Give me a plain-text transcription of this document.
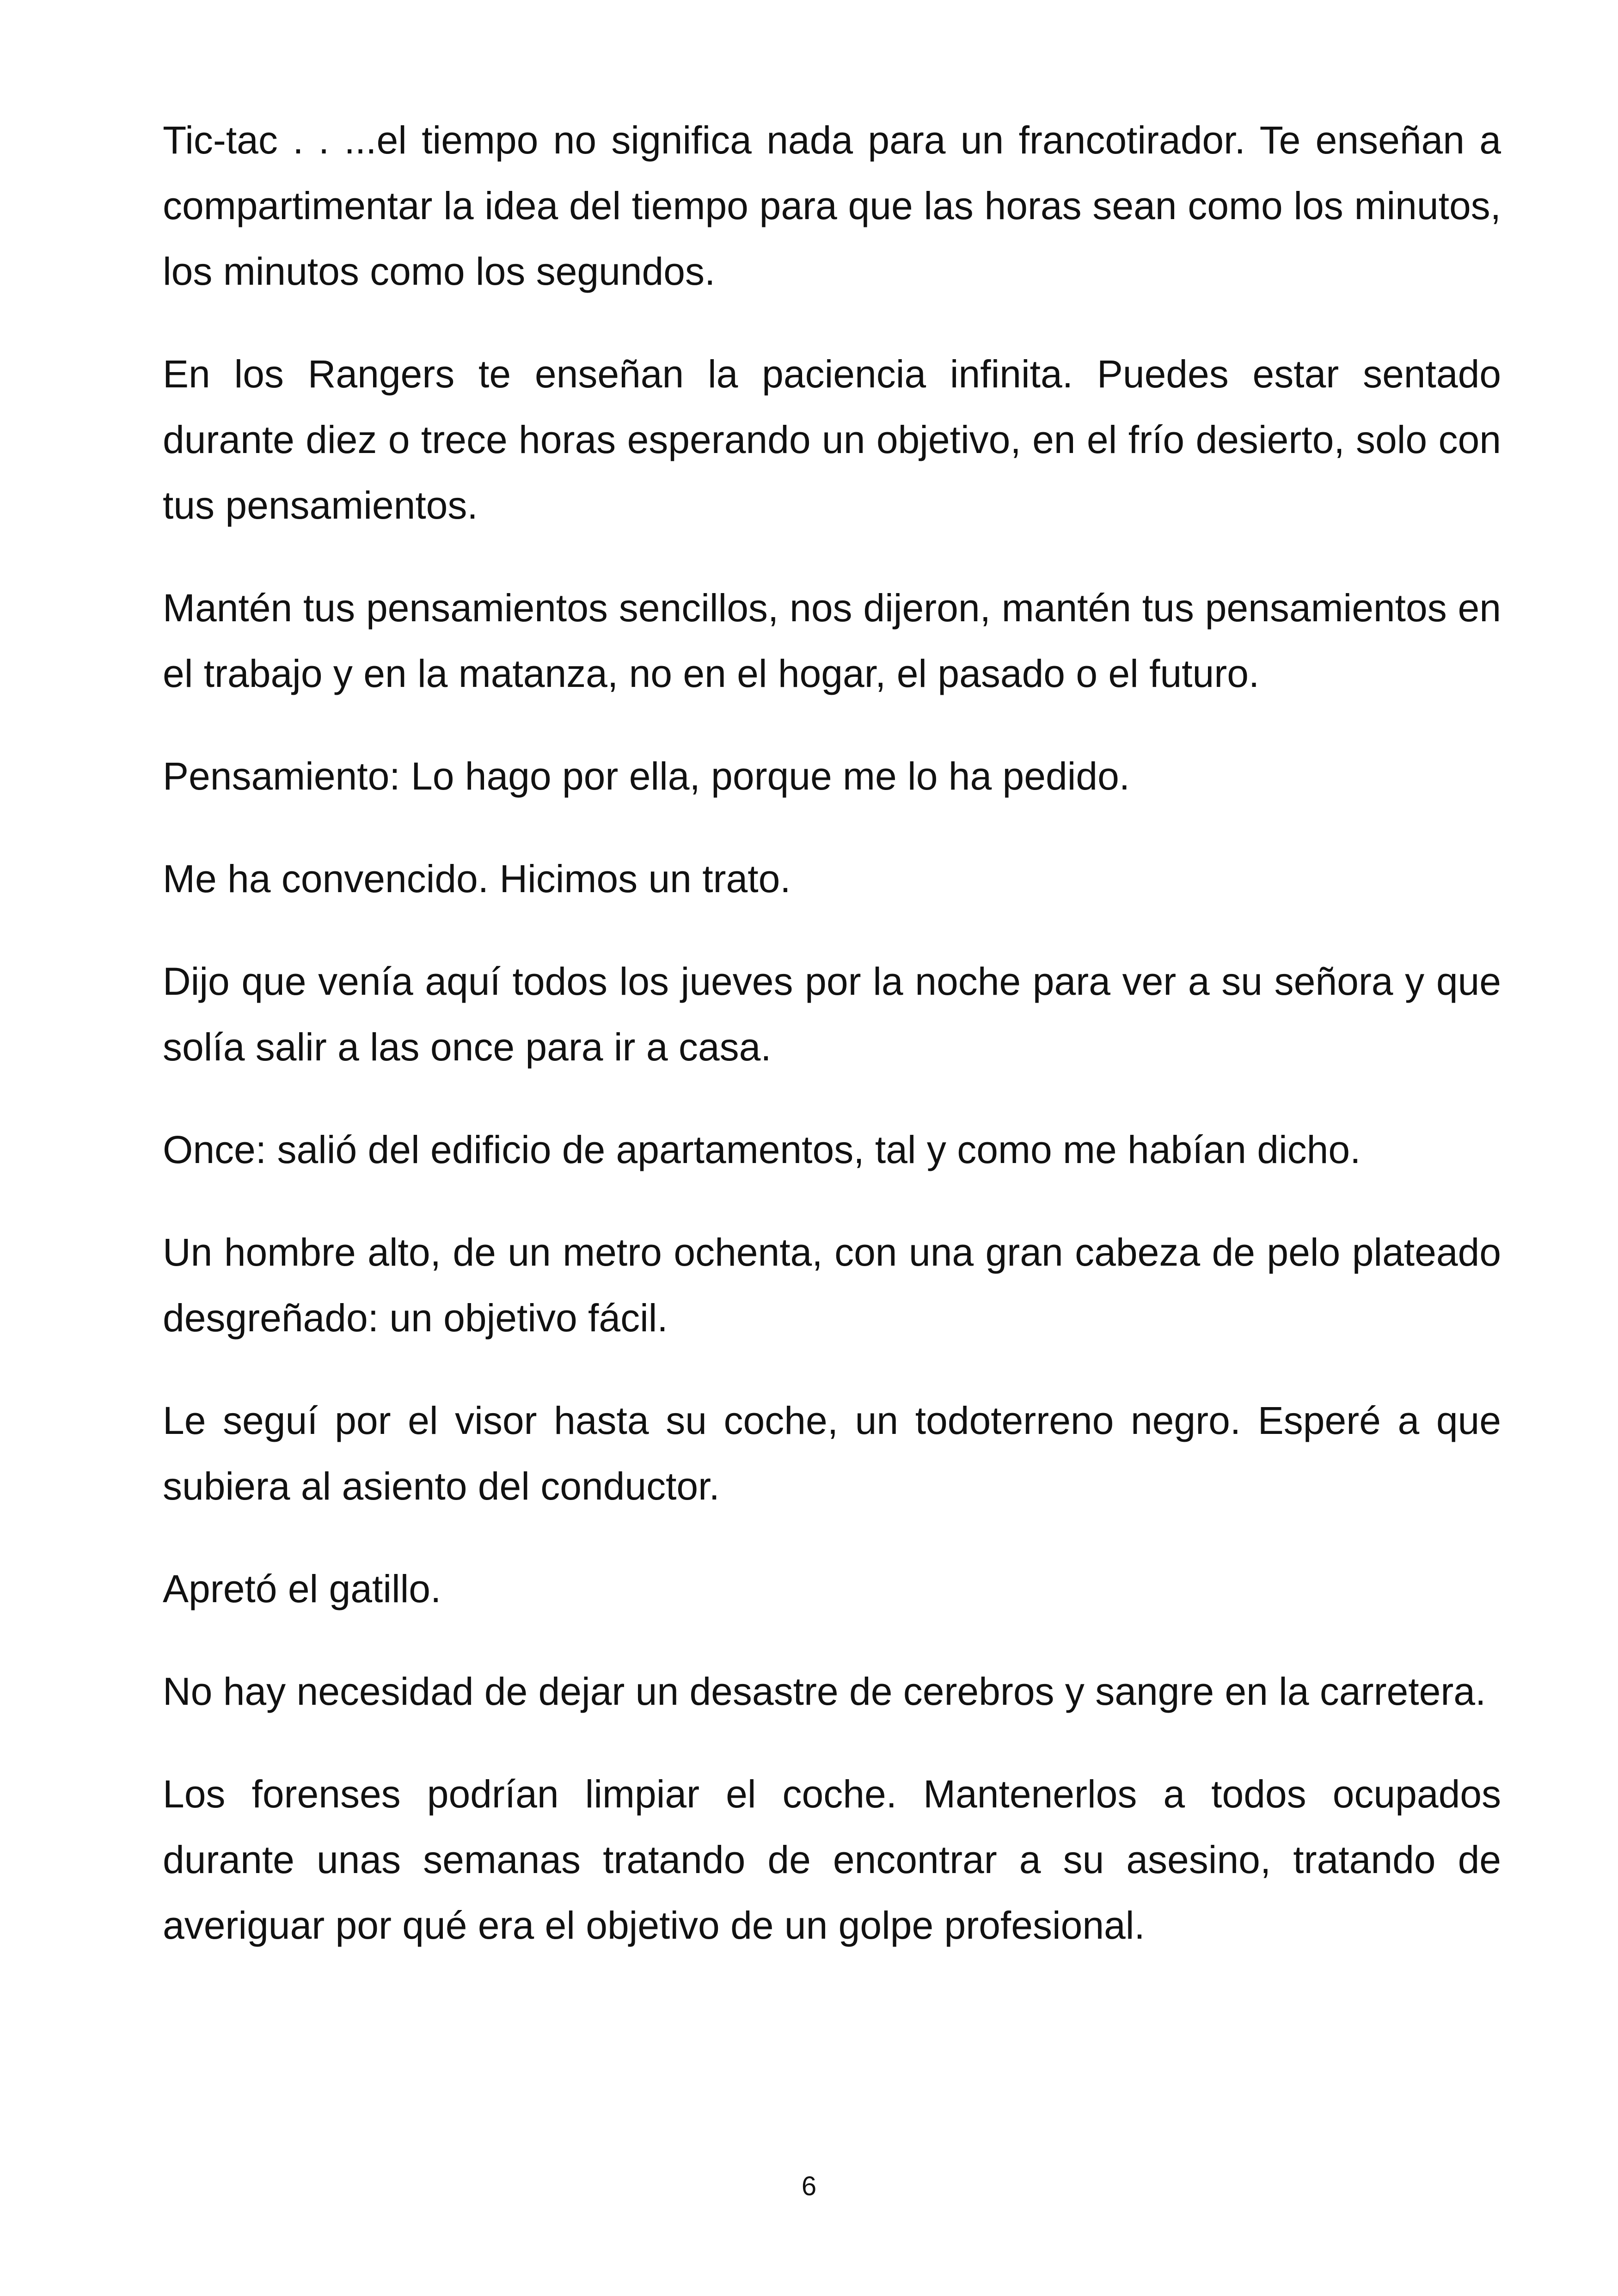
Tic-tac . . ...el tiempo no significa nada para un francotirador. Te enseñan a compartimentar la idea del tiempo para que las horas sean como los minutos, los minutos como los segundos.

En los Rangers te enseñan la paciencia infinita. Puedes estar sentado durante diez o trece horas esperando un objetivo, en el frío desierto, solo con tus pensamientos.

Mantén tus pensamientos sencillos, nos dijeron, mantén tus pensamientos en el trabajo y en la matanza, no en el hogar, el pasado o el futuro.

Pensamiento: Lo hago por ella, porque me lo ha pedido.

Me ha convencido. Hicimos un trato.

Dijo que venía aquí todos los jueves por la noche para ver a su señora y que solía salir a las once para ir a casa.

Once: salió del edificio de apartamentos, tal y como me habían dicho.

Un hombre alto, de un metro ochenta, con una gran cabeza de pelo plateado desgreñado: un objetivo fácil.

Le seguí por el visor hasta su coche, un todoterreno negro. Esperé a que subiera al asiento del conductor.

Apretó el gatillo.

No hay necesidad de dejar un desastre de cerebros y sangre en la carretera.

Los forenses podrían limpiar el coche. Mantenerlos a todos ocupados durante unas semanas tratando de encontrar a su asesino, tratando de averiguar por qué era el objetivo de un golpe profesional.

6
